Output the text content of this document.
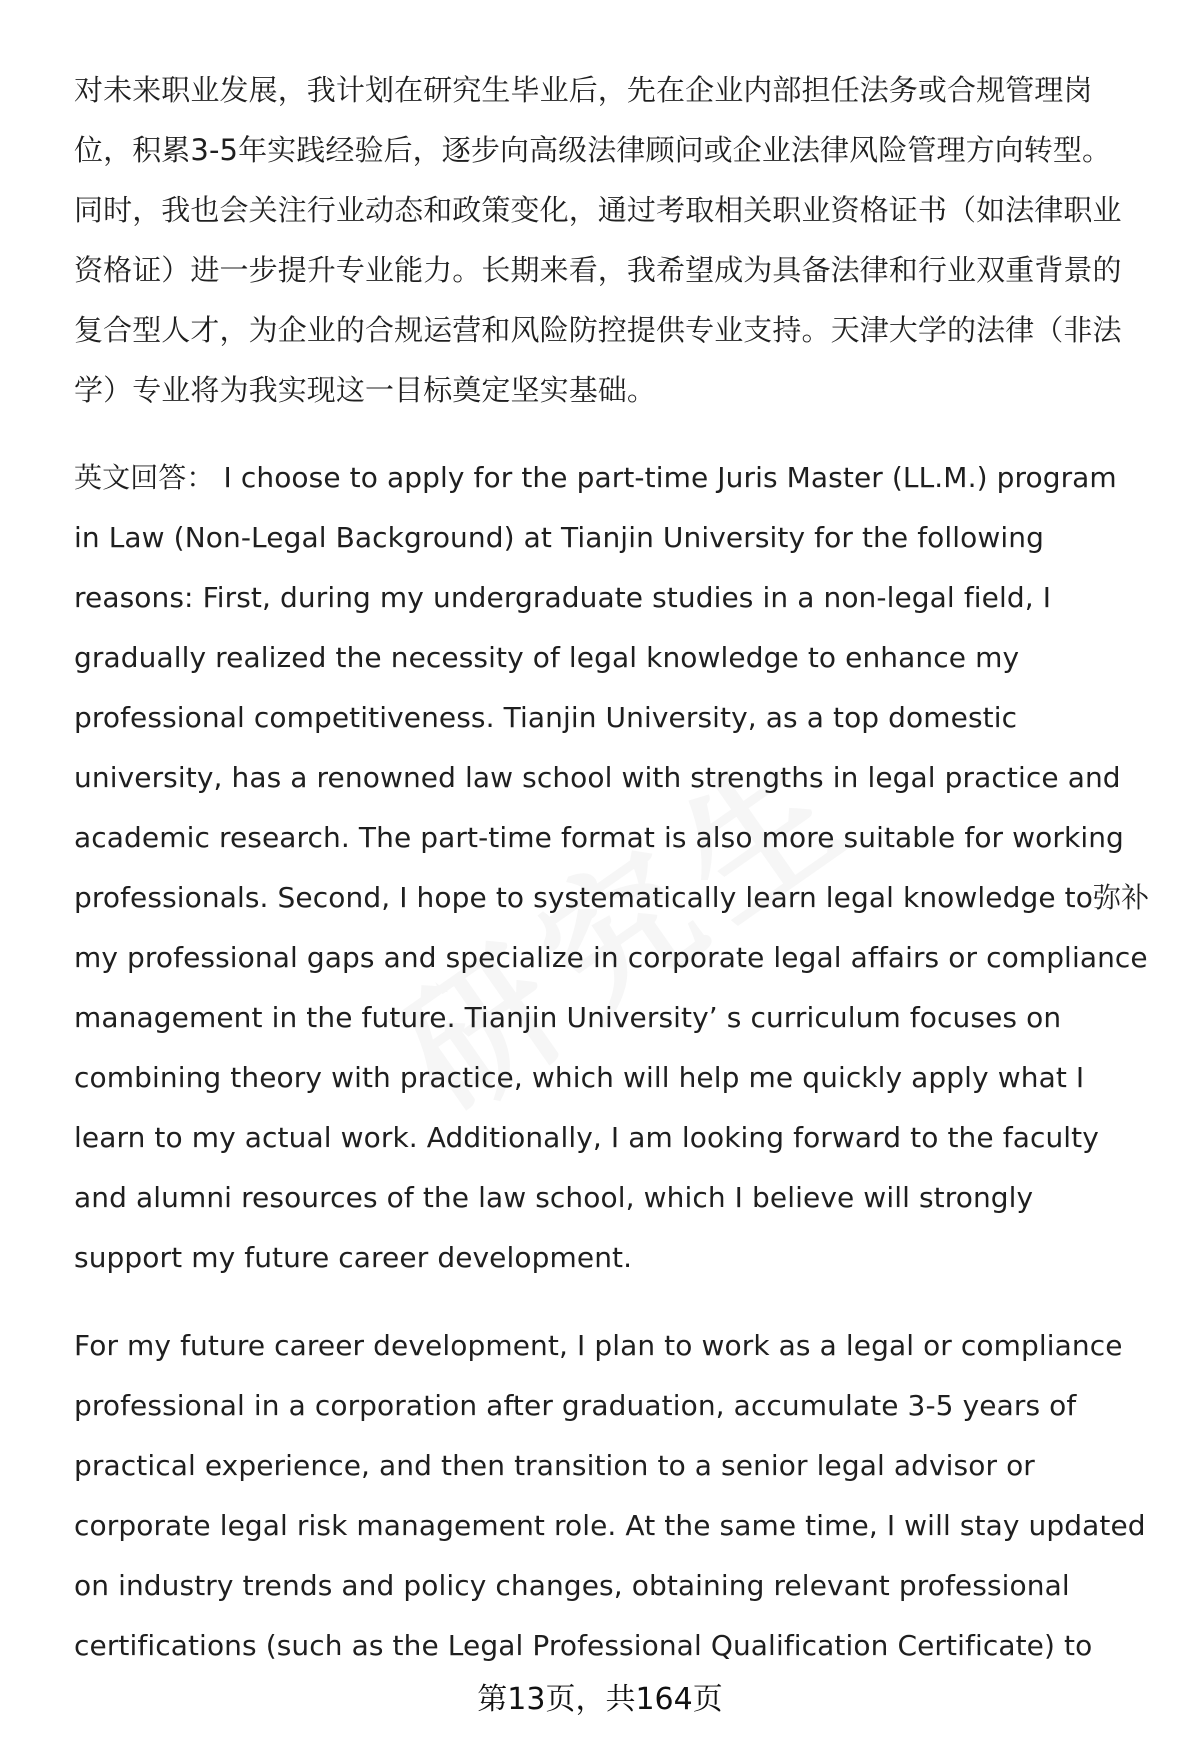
对未来职业发展，我计划在研究生毕业后，先在企业内部担任法务或合规管理岗
位，积累3-5年实践经验后，逐步向高级法律顾问或企业法律风险管理方向转型。
同时，我也会关注行业动态和政策变化，通过考取相关职业资格证书（如法律职业
资格证）进一步提升专业能力。长期来看，我希望成为具备法律和行业双重背景的
复合型人才，为企业的合规运营和风险防控提供专业支持。天津大学的法律（非法
学）专业将为我实现这一目标奠定坚实基础。
英文回答： I choose to apply for the part-time Juris Master (LL.M.) program
in Law (Non-Legal Background) at Tianjin University for the following
reasons: First, during my undergraduate studies in a non-legal field, I
gradually realized the necessity of legal knowledge to enhance my
professional competitiveness. Tianjin University, as a top domestic
university, has a renowned law school with strengths in legal practice and
academic research. The part-time format is also more suitable for working
professionals. Second, I hope to systematically learn legal knowledge to弥补
my professional gaps and specialize in corporate legal affairs or compliance
management in the future. Tianjin University’ s curriculum focuses on
combining theory with practice, which will help me quickly apply what I
learn to my actual work. Additionally, I am looking forward to the faculty
and alumni resources of the law school, which I believe will strongly
support my future career development.
For my future career development, I plan to work as a legal or compliance
professional in a corporation after graduation, accumulate 3-5 years of
practical experience, and then transition to a senior legal advisor or
corporate legal risk management role. At the same time, I will stay updated
on industry trends and policy changes, obtaining relevant professional
certifications (such as the Legal Professional Qualification Certificate) to
第13页，共164页
